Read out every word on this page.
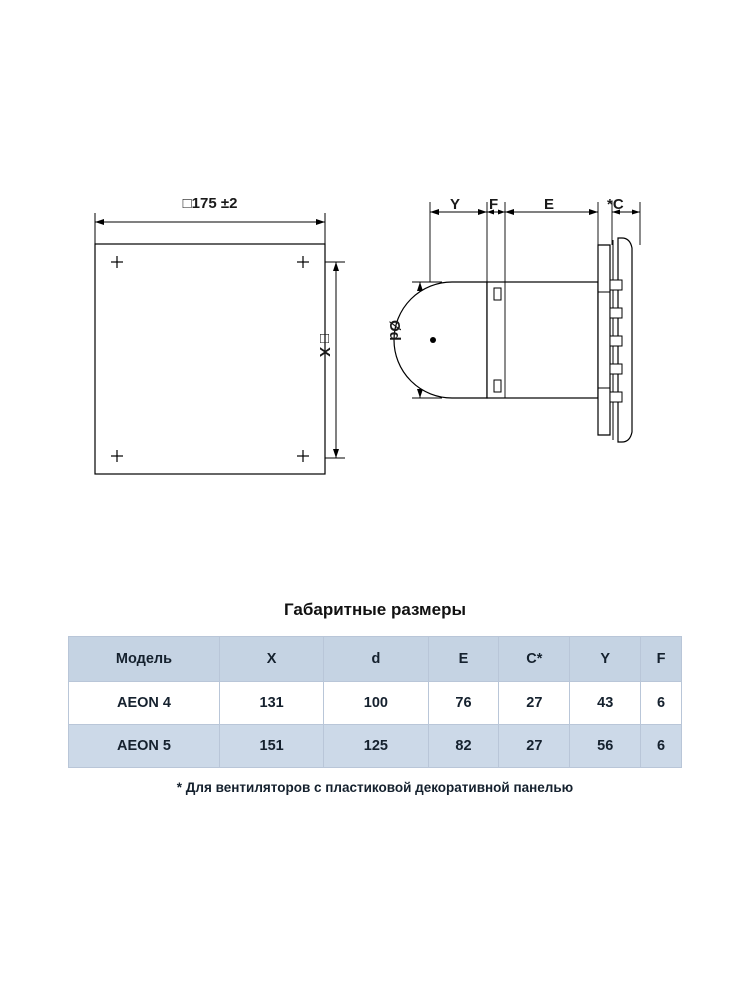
□175 ±2
□X	Ød
Y F	E	*C
Габаритные размеры
Модель	X	d	E	C*	Y	F
AEON 4	131	100	76	27	43	6
AEON 5	151	125	82	27	56	6
* Для вентиляторов с пластиковой декоративной панелью
